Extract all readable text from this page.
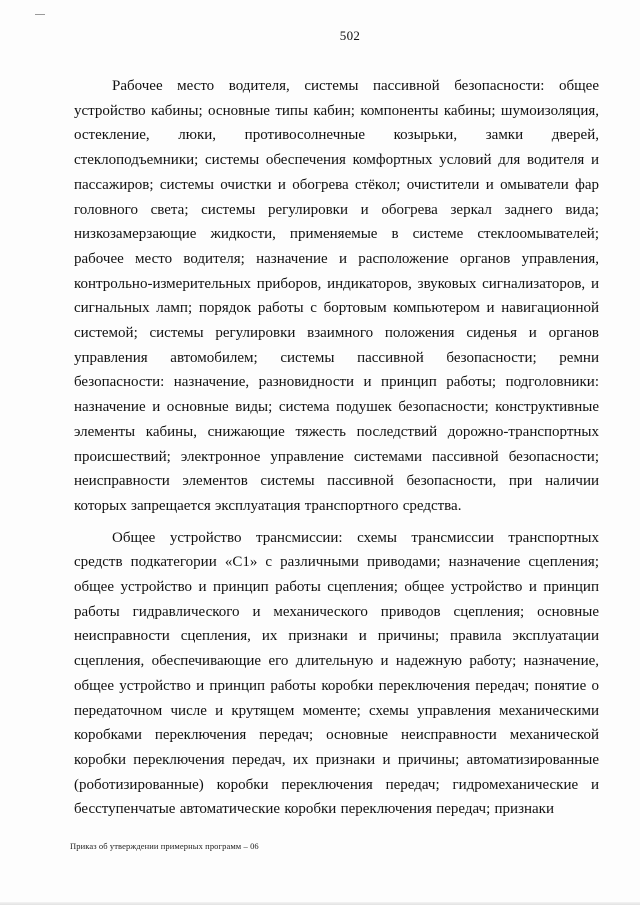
502

Рабочее место водителя, системы пассивной безопасности: общее устройство кабины; основные типы кабин; компоненты кабины; шумоизоляция, остекление, люки, противосолнечные козырьки, замки дверей, стеклоподъемники; системы обеспечения комфортных условий для водителя и пассажиров; системы очистки и обогрева стёкол; очистители и омыватели фар головного света; системы регулировки и обогрева зеркал заднего вида; низкозамерзающие жидкости, применяемые в системе стеклоомывателей; рабочее место водителя; назначение и расположение органов управления, контрольно-измерительных приборов, индикаторов, звуковых сигнализаторов, и сигнальных ламп; порядок работы с бортовым компьютером и навигационной системой; системы регулировки взаимного положения сиденья и органов управления автомобилем; системы пассивной безопасности; ремни безопасности: назначение, разновидности и принцип работы; подголовники: назначение и основные виды; система подушек безопасности; конструктивные элементы кабины, снижающие тяжесть последствий дорожно-транспортных происшествий; электронное управление системами пассивной безопасности; неисправности элементов системы пассивной безопасности, при наличии которых запрещается эксплуатация транспортного средства.

Общее устройство трансмиссии: схемы трансмиссии транспортных средств подкатегории «C1» с различными приводами; назначение сцепления; общее устройство и принцип работы сцепления; общее устройство и принцип работы гидравлического и механического приводов сцепления; основные неисправности сцепления, их признаки и причины; правила эксплуатации сцепления, обеспечивающие его длительную и надежную работу; назначение, общее устройство и принцип работы коробки переключения передач; понятие о передаточном числе и крутящем моменте; схемы управления механическими коробками переключения передач; основные неисправности механической коробки переключения передач, их признаки и причины; автоматизированные (роботизированные) коробки переключения передач; гидромеханические и бесступенчатые автоматические коробки переключения передач; признаки

Приказ об утверждении примерных программ – 06
